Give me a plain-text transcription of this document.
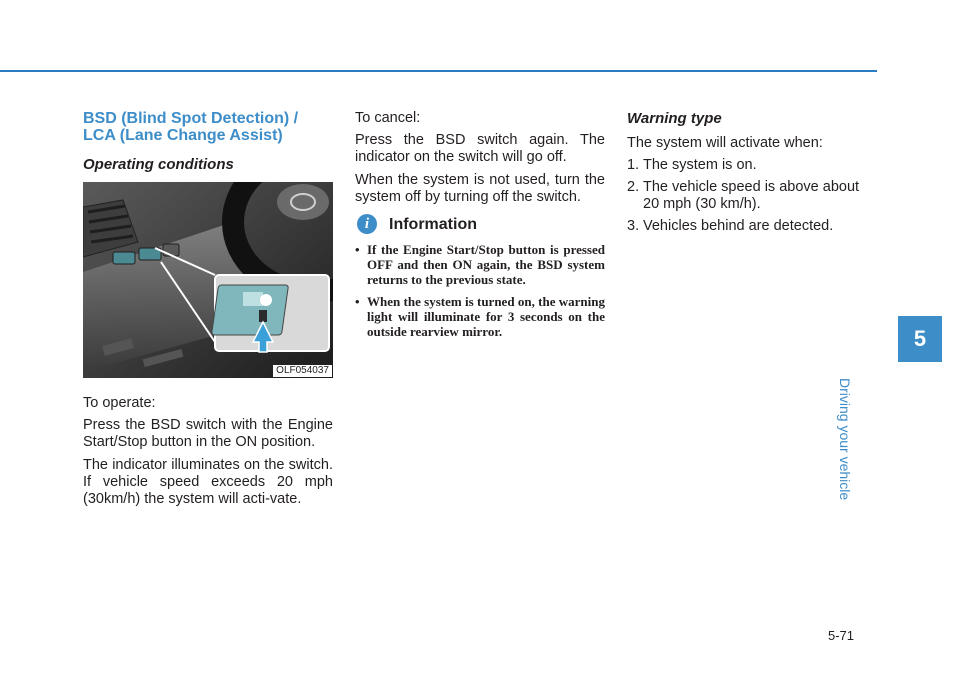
BSD (Blind Spot Detection) /
LCA (Lane Change Assist)
Operating conditions
OLF054037

To operate:

Press the BSD switch with the Engine Start/Stop button in the ON position.

The indicator illuminates on the switch. If vehicle speed exceeds 20 mph (30km/h) the system will acti-vate.

To cancel:

Press the BSD switch again. The indicator on the switch will go off.

When the system is not used, turn the system off by turning off the switch.

i	Information
• If the Engine Start/Stop button is pressed OFF and then ON again, the BSD system returns to the previous state.
• When the system is turned on, the warning light will illuminate for 3 seconds on the outside rearview mirror.
Warning type

The system will activate when:

1. The system is on.
2. The vehicle speed is above about 20 mph (30 km/h).
3. Vehicles behind are detected.
5
Driving your vehicle
5-71
